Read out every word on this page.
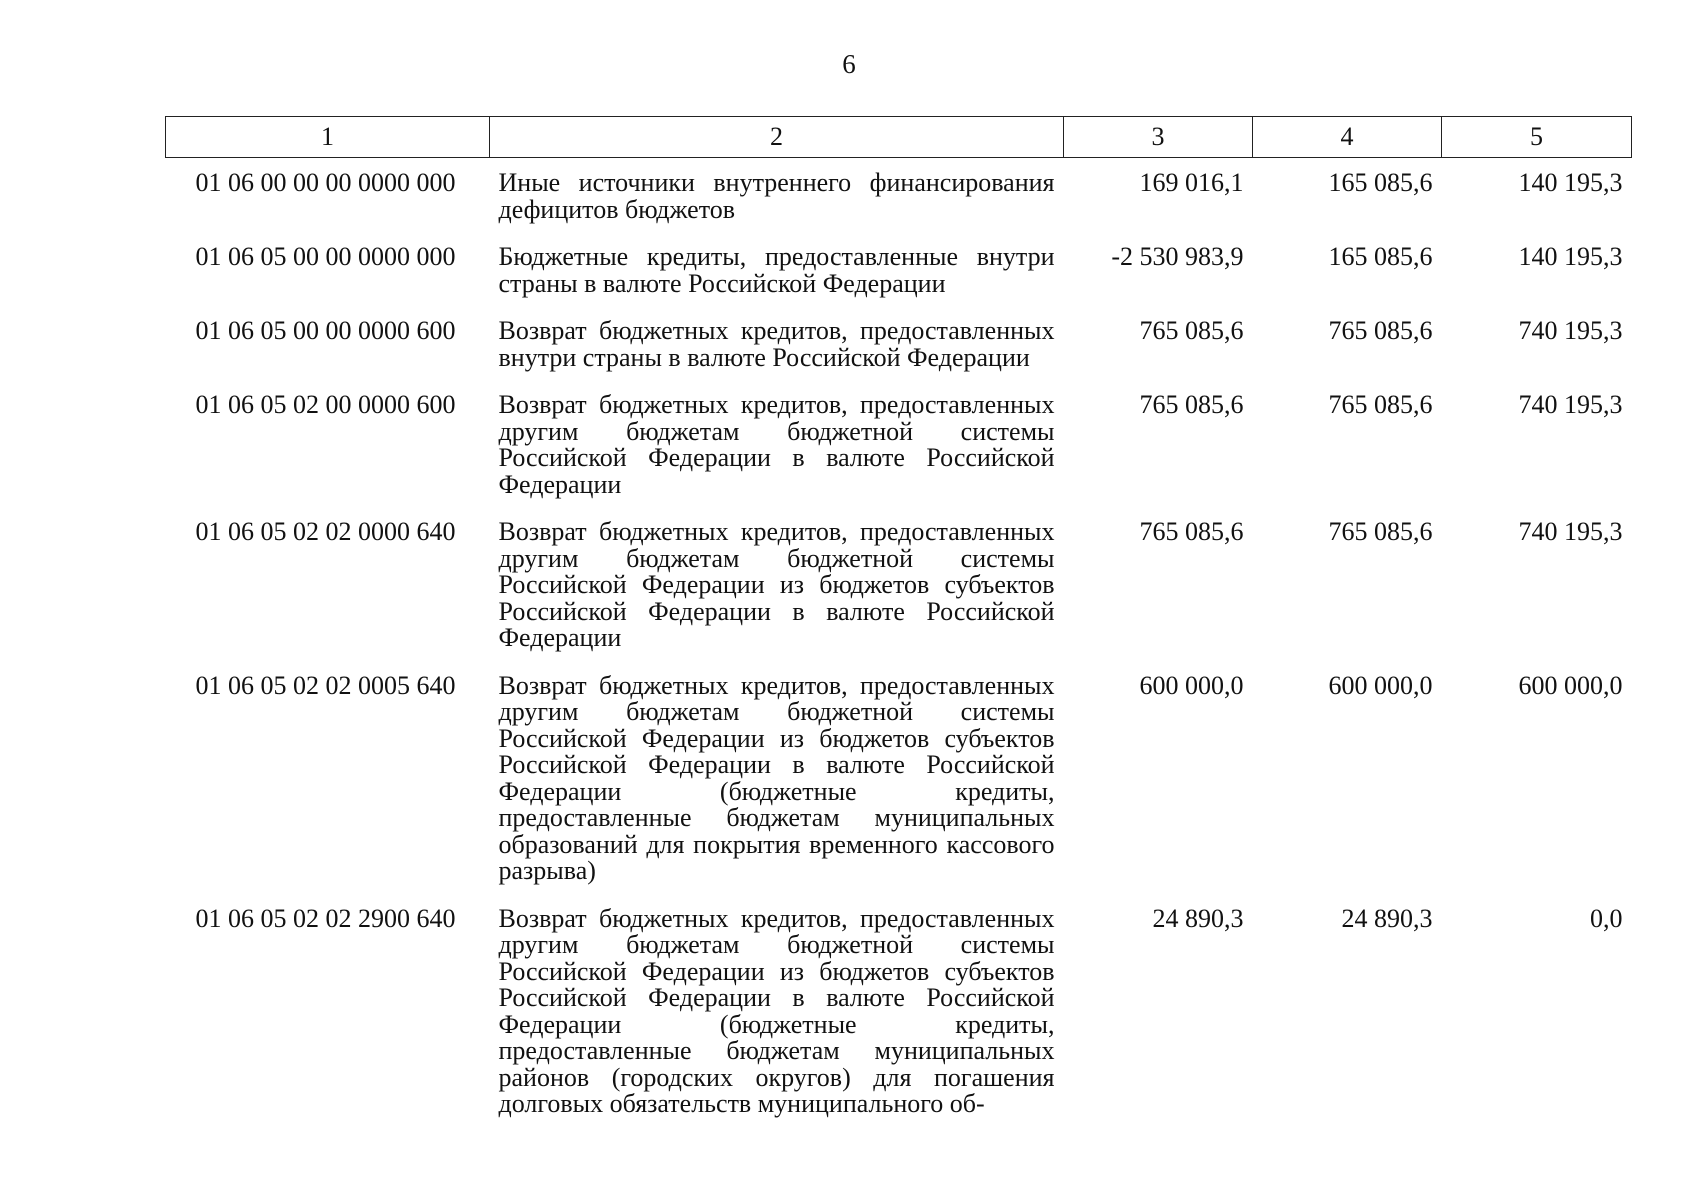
6
1	2	3	4	5
01 06 00 00 00 0000 000	Иные источники внутреннего финансирования дефицитов бюджетов	169 016,1	165 085,6	140 195,3
01 06 05 00 00 0000 000	Бюджетные кредиты, предоставленные внутри страны в валюте Российской Федерации	-2 530 983,9	165 085,6	140 195,3
01 06 05 00 00 0000 600	Возврат бюджетных кредитов, предоставленных внутри страны в валюте Российской Федерации	765 085,6	765 085,6	740 195,3
01 06 05 02 00 0000 600	Возврат бюджетных кредитов, предоставленных другим бюджетам бюджетной системы Российской Федерации в валюте Российской Федерации	765 085,6	765 085,6	740 195,3
01 06 05 02 02 0000 640	Возврат бюджетных кредитов, предоставленных другим бюджетам бюджетной системы Российской Федерации из бюджетов субъектов Российской Федерации в валюте Российской Федерации	765 085,6	765 085,6	740 195,3
01 06 05 02 02 0005 640	Возврат бюджетных кредитов, предоставленных другим бюджетам бюджетной системы Российской Федерации из бюджетов субъектов Российской Федерации в валюте Российской Федерации (бюджетные кредиты, предоставленные бюджетам муниципальных образований для покрытия временного кассового разрыва)	600 000,0	600 000,0	600 000,0
01 06 05 02 02 2900 640	Возврат бюджетных кредитов, предоставленных другим бюджетам бюджетной системы Российской Федерации из бюджетов субъектов Российской Федерации в валюте Российской Федерации (бюджетные кредиты, предоставленные бюджетам муниципальных районов (городских округов) для погашения долговых обязательств муниципального об-	24 890,3	24 890,3	0,0
